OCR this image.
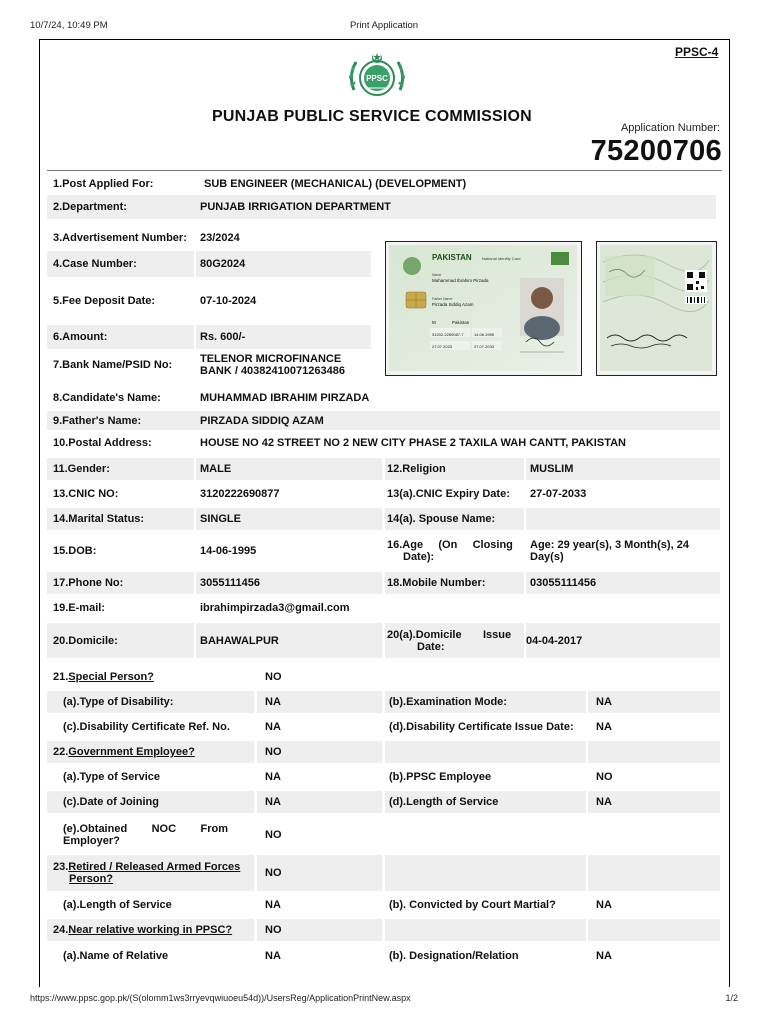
10/7/24, 10:49 PM	Print Application
PPSC-4
PPSC
PUNJAB PUBLIC SERVICE COMMISSION
Application Number:
75200706
1.Post Applied For:	SUB ENGINEER (MECHANICAL) (DEVELOPMENT)
2.Department:	PUNJAB IRRIGATION DEPARTMENT
3.Advertisement Number: 23/2024
4.Case Number:	80G2024
5.Fee Deposit Date:	07-10-2024
6.Amount:	Rs. 600/-
7.Bank Name/PSID No:	TELENOR MICROFINANCE
BANK / 40382410071263486
PAKISTAN	National Identity Card
Name
Muhammad Ibrahim Pirzada
Father Name
Pirzada Siddiq Azam
M	Pakistan
31202-2269087-7	14.06.1995
27.07.2023	27.07.2033
8.Candidate's Name:	MUHAMMAD IBRAHIM PIRZADA
9.Father's Name:	PIRZADA SIDDIQ AZAM
10.Postal Address:	HOUSE NO 42 STREET NO 2 NEW CITY PHASE 2 TAXILA WAH CANTT, PAKISTAN
11.Gender:	MALE	12.Religion	MUSLIM
13.CNIC NO:	3120222690877	13(a).CNIC Expiry Date: 27-07-2033
14.Marital Status:	SINGLE	14(a). Spouse Name:
15.DOB:	14-06-1995	16.Age     (On     Closing
Date):
Age: 29 year(s), 3 Month(s), 24
Day(s)
17.Phone No:	3055111456	18.Mobile Number:	03055111456
19.E-mail:	ibrahimpirzada3@gmail.com
20.Domicile:	BAHAWALPUR	20(a).Domicile       Issue
Date:	04-04-2017
21. Special Person?	NO
(a).Type of Disability:	NA	(b).Examination Mode:	NA
(c).Disability Certificate Ref. No.	NA	(d).Disability Certificate Issue Date: NA
22. Government Employee?	NO
(a).Type of Service	NA	(b).PPSC Employee	NO
(c).Date of Joining	NA	(d).Length of Service	NA
(e).Obtained        NOC        From
Employer?	NO
23.Retired / Released Armed Forces
Person?	NO
(a).Length of Service	NA	(b). Convicted by Court Martial?	NA
24. Near relative working in PPSC?	NO
(a).Name of Relative	NA	(b). Designation/Relation	NA
https://www.ppsc.gop.pk/(S(olomm1ws3rryevqwiuoeu54d))/UsersReg/ApplicationPrintNew.aspx	1/2
